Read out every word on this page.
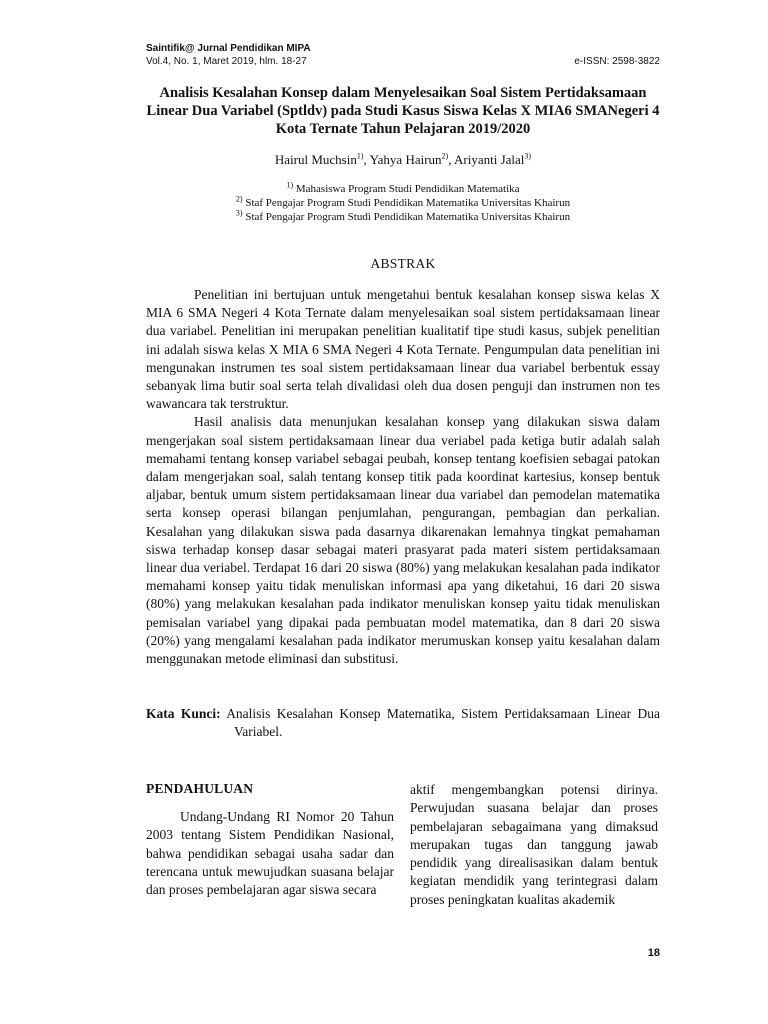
Saintifik@ Jurnal Pendidikan MIPA
Vol.4, No. 1, Maret 2019, hlm. 18-27	e-ISSN: 2598-3822
Analisis Kesalahan Konsep dalam Menyelesaikan Soal Sistem Pertidaksamaan Linear Dua Variabel (Sptldv) pada Studi Kasus Siswa Kelas X MIA6 SMANegeri 4 Kota Ternate Tahun Pelajaran 2019/2020
Hairul Muchsin$^{1)}$, Yahya Hairun$^{2)}$, Ariyanti Jalal$^{3)}$
$^{1)}$ Mahasiswa Program Studi Pendidikan Matematika
$^{2)}$ Staf Pengajar Program Studi Pendidikan Matematika Universitas Khairun
$^{3)}$ Staf Pengajar Program Studi Pendidikan Matematika Universitas Khairun
ABSTRAK

Penelitian ini bertujuan untuk mengetahui bentuk kesalahan konsep siswa kelas X MIA 6 SMA Negeri 4 Kota Ternate dalam menyelesaikan soal sistem pertidaksamaan linear dua variabel. Penelitian ini merupakan penelitian kualitatif tipe studi kasus, subjek penelitian ini adalah siswa kelas X MIA 6 SMA Negeri 4 Kota Ternate. Pengumpulan data penelitian ini mengunakan instrumen tes soal sistem pertidaksamaan linear dua variabel berbentuk essay sebanyak lima butir soal serta telah divalidasi oleh dua dosen penguji dan instrumen non tes wawancara tak terstruktur.

Hasil analisis data menunjukan kesalahan konsep yang dilakukan siswa dalam mengerjakan soal sistem pertidaksamaan linear dua veriabel pada ketiga butir adalah salah memahami tentang konsep variabel sebagai peubah, konsep tentang koefisien sebagai patokan dalam mengerjakan soal, salah tentang konsep titik pada koordinat kartesius, konsep bentuk aljabar, bentuk umum sistem pertidaksamaan linear dua variabel dan pemodelan matematika serta konsep operasi bilangan penjumlahan, pengurangan, pembagian dan perkalian. Kesalahan yang dilakukan siswa pada dasarnya dikarenakan lemahnya tingkat pemahaman siswa terhadap konsep dasar sebagai materi prasyarat pada materi sistem pertidaksamaan linear dua veriabel. Terdapat 16 dari 20 siswa (80%) yang melakukan kesalahan pada indikator memahami konsep yaitu tidak menuliskan informasi apa yang diketahui, 16 dari 20 siswa (80%) yang melakukan kesalahan pada indikator menuliskan konsep yaitu tidak menuliskan pemisalan variabel yang dipakai pada pembuatan model matematika, dan 8 dari 20 siswa (20%) yang mengalami kesalahan pada indikator merumuskan konsep yaitu kesalahan dalam menggunakan metode eliminasi dan substitusi.

Kata Kunci: Analisis Kesalahan Konsep Matematika, Sistem Pertidaksamaan Linear Dua Variabel.
PENDAHULUAN

Undang-Undang RI Nomor 20 Tahun 2003 tentang Sistem Pendidikan Nasional, bahwa pendidikan sebagai usaha sadar dan terencana untuk mewujudkan suasana belajar dan proses pembelajaran agar siswa secara

aktif mengembangkan potensi dirinya. Perwujudan suasana belajar dan proses pembelajaran sebagaimana yang dimaksud merupakan tugas dan tanggung jawab pendidik yang direalisasikan dalam bentuk kegiatan mendidik yang terintegrasi dalam proses peningkatan kualitas akademik

18
